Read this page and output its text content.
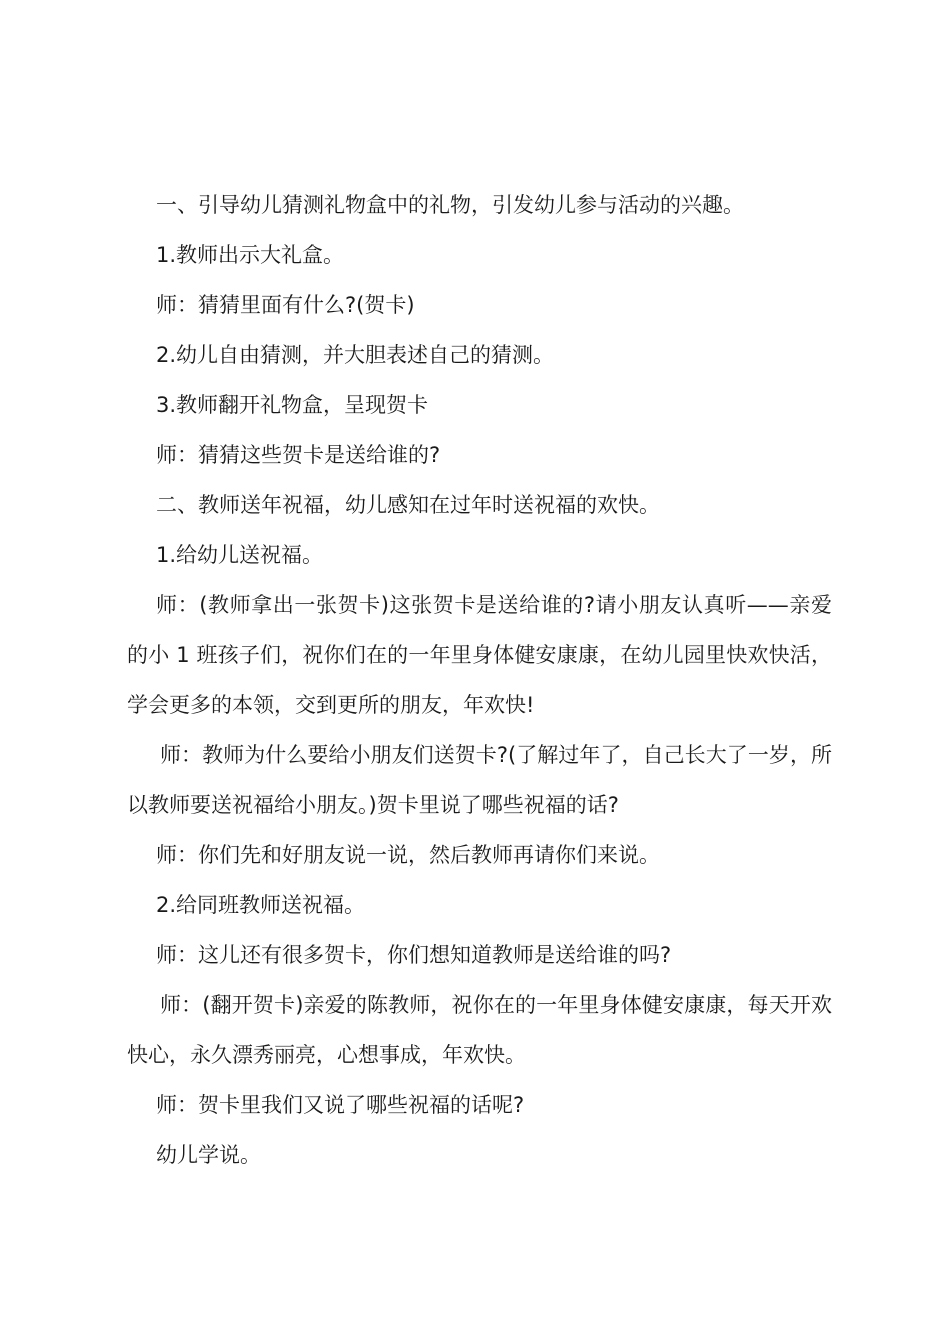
一、引导幼儿猜测礼物盒中的礼物，引发幼儿参与活动的兴趣。

1.教师出示大礼盒。

师：猜猜里面有什么?(贺卡)

2.幼儿自由猜测，并大胆表述自己的猜测。

3.教师翻开礼物盒，呈现贺卡

师：猜猜这些贺卡是送给谁的?

二、教师送年祝福，幼儿感知在过年时送祝福的欢快。

1.给幼儿送祝福。

师：(教师拿出一张贺卡)这张贺卡是送给谁的?请小朋友认真听——亲爱的小 1 班孩子们，祝你们在的一年里身体健安康康，在幼儿园里快欢快活，学会更多的本领，交到更所的朋友，年欢快!

师：教师为什么要给小朋友们送贺卡?(了解过年了，自己长大了一岁，所以教师要送祝福给小朋友。)贺卡里说了哪些祝福的话?

师：你们先和好朋友说一说，然后教师再请你们来说。

2.给同班教师送祝福。

师：这儿还有很多贺卡，你们想知道教师是送给谁的吗?

师：(翻开贺卡)亲爱的陈教师，祝你在的一年里身体健安康康，每天开欢快心，永久漂秀丽亮，心想事成，年欢快。

师：贺卡里我们又说了哪些祝福的话呢?

幼儿学说。
